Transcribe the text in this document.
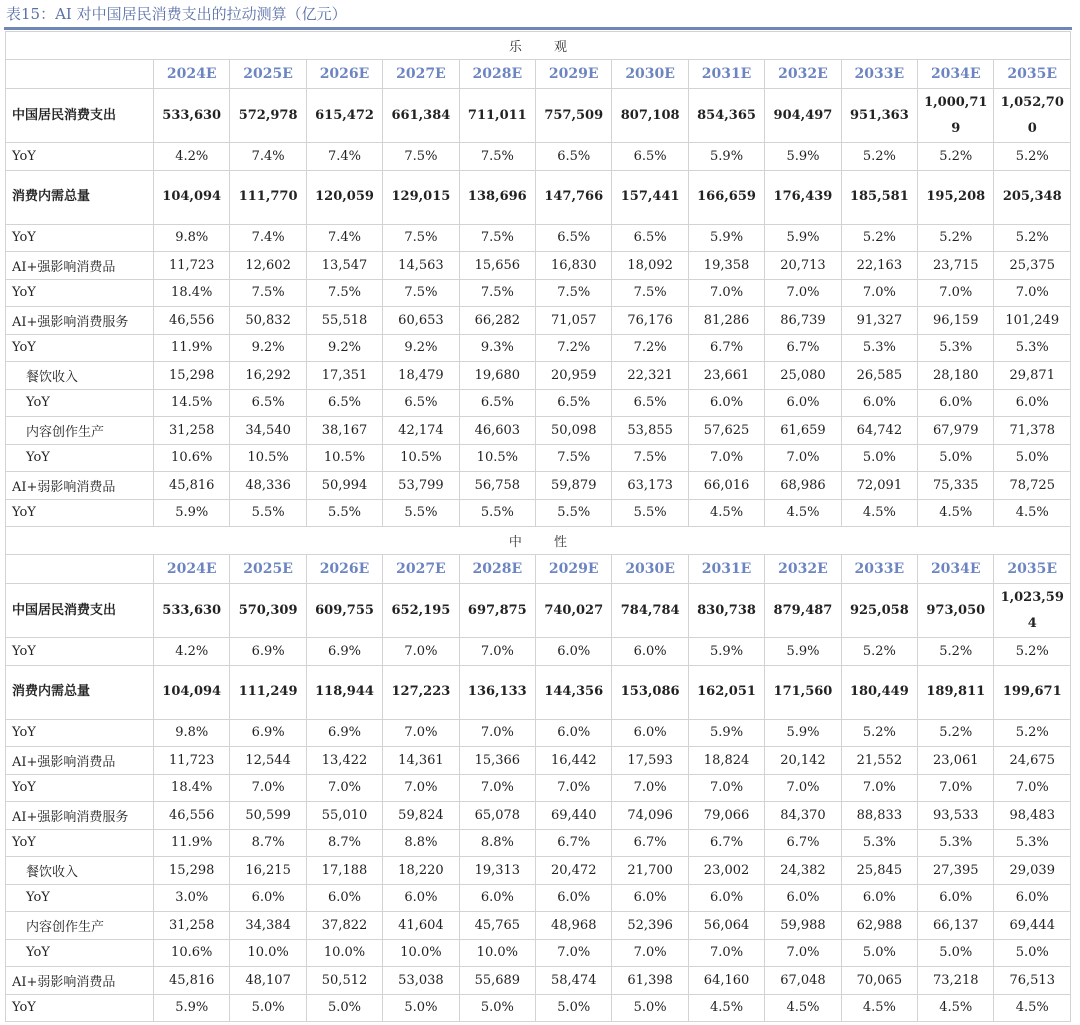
表15：AI 对中国居民消费支出的拉动测算（亿元）
乐 观												
	2024E	2025E	2026E	2027E	2028E	2029E	2030E	2031E	2032E	2033E	2034E	2035E
中国居民消费支出	533,63​0	572,97​8	615,47​2	661,38​4	711,01​1	757,50​9	807,10​8	854,36​5	904,49​7	951,36​3	1,000,71​9	1,052,70​0
YoY	4.2%	7.4%	7.4%	7.5%	7.5%	6.5%	6.5%	5.9%	5.9%	5.2%	5.2%	5.2%
消费内需总量	104,09​4	111,77​0	120,05​9	129,01​5	138,69​6	147,76​6	157,44​1	166,65​9	176,43​9	185,58​1	195,20​8	205,34​8
YoY	9.8%	7.4%	7.4%	7.5%	7.5%	6.5%	6.5%	5.9%	5.9%	5.2%	5.2%	5.2%
AI+强影响消费品	11,723	12,602	13,547	14,563	15,656	16,830	18,092	19,358	20,713	22,163	23,715	25,375
YoY	18.4%	7.5%	7.5%	7.5%	7.5%	7.5%	7.5%	7.0%	7.0%	7.0%	7.0%	7.0%
AI+强影响消费服务	46,556	50,832	55,518	60,653	66,282	71,057	76,176	81,286	86,739	91,327	96,159	101,249
YoY	11.9%	9.2%	9.2%	9.2%	9.3%	7.2%	7.2%	6.7%	6.7%	5.3%	5.3%	5.3%
餐饮收入	15,298	16,292	17,351	18,479	19,680	20,959	22,321	23,661	25,080	26,585	28,180	29,871
YoY	14.5%	6.5%	6.5%	6.5%	6.5%	6.5%	6.5%	6.0%	6.0%	6.0%	6.0%	6.0%
内容创作生产	31,258	34,540	38,167	42,174	46,603	50,098	53,855	57,625	61,659	64,742	67,979	71,378
YoY	10.6%	10.5%	10.5%	10.5%	10.5%	7.5%	7.5%	7.0%	7.0%	5.0%	5.0%	5.0%
AI+弱影响消费品	45,816	48,336	50,994	53,799	56,758	59,879	63,173	66,016	68,986	72,091	75,335	78,725
YoY	5.9%	5.5%	5.5%	5.5%	5.5%	5.5%	5.5%	4.5%	4.5%	4.5%	4.5%	4.5%
中 性												
	2024E	2025E	2026E	2027E	2028E	2029E	2030E	2031E	2032E	2033E	2034E	2035E
中国居民消费支出	533,63​0	570,30​9	609,75​5	652,19​5	697,87​5	740,02​7	784,78​4	830,73​8	879,48​7	925,05​8	973,05​0	1,023,59​4
YoY	4.2%	6.9%	6.9%	7.0%	7.0%	6.0%	6.0%	5.9%	5.9%	5.2%	5.2%	5.2%
消费内需总量	104,09​4	111,24​9	118,94​4	127,22​3	136,13​3	144,35​6	153,08​6	162,05​1	171,56​0	180,44​9	189,81​1	199,67​1
YoY	9.8%	6.9%	6.9%	7.0%	7.0%	6.0%	6.0%	5.9%	5.9%	5.2%	5.2%	5.2%
AI+强影响消费品	11,723	12,544	13,422	14,361	15,366	16,442	17,593	18,824	20,142	21,552	23,061	24,675
YoY	18.4%	7.0%	7.0%	7.0%	7.0%	7.0%	7.0%	7.0%	7.0%	7.0%	7.0%	7.0%
AI+强影响消费服务	46,556	50,599	55,010	59,824	65,078	69,440	74,096	79,066	84,370	88,833	93,533	98,483
YoY	11.9%	8.7%	8.7%	8.8%	8.8%	6.7%	6.7%	6.7%	6.7%	5.3%	5.3%	5.3%
餐饮收入	15,298	16,215	17,188	18,220	19,313	20,472	21,700	23,002	24,382	25,845	27,395	29,039
YoY	3.0%	6.0%	6.0%	6.0%	6.0%	6.0%	6.0%	6.0%	6.0%	6.0%	6.0%	6.0%
内容创作生产	31,258	34,384	37,822	41,604	45,765	48,968	52,396	56,064	59,988	62,988	66,137	69,444
YoY	10.6%	10.0%	10.0%	10.0%	10.0%	7.0%	7.0%	7.0%	7.0%	5.0%	5.0%	5.0%
AI+弱影响消费品	45,816	48,107	50,512	53,038	55,689	58,474	61,398	64,160	67,048	70,065	73,218	76,513
YoY	5.9%	5.0%	5.0%	5.0%	5.0%	5.0%	5.0%	4.5%	4.5%	4.5%	4.5%	4.5%
